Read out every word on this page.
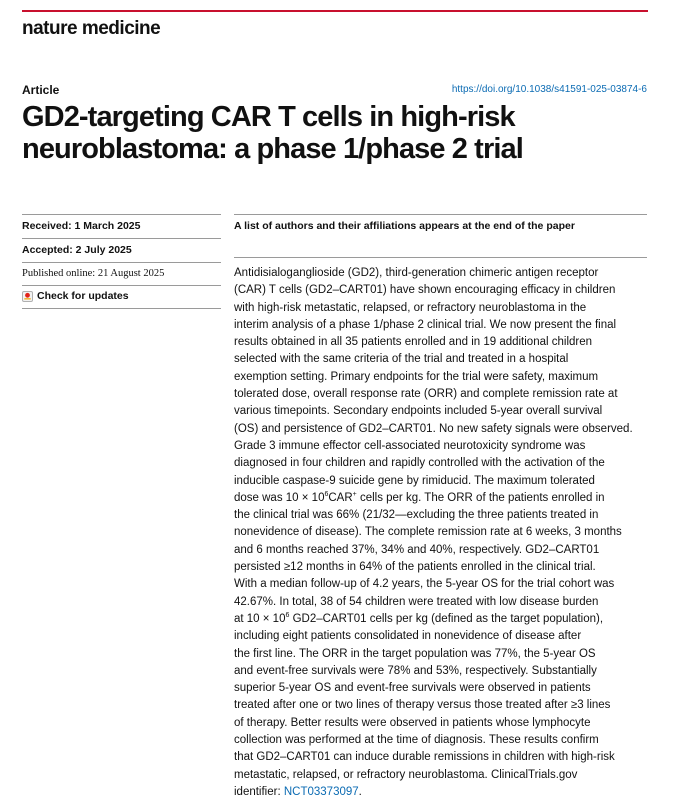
nature medicine
Article	https://doi.org/10.1038/s41591-025-03874-6
GD2-targeting CAR T cells in high-risk
neuroblastoma: a phase 1/phase 2 trial
Received: 1 March 2025
Accepted: 2 July 2025
Published online: 21 August 2025
Check for updates
A list of authors and their affiliations appears at the end of the paper
Antidisialoganglioside (GD2), third-generation chimeric antigen receptor
(CAR) T cells (GD2–CART01) have shown encouraging efficacy in children
with high-risk metastatic, relapsed, or refractory neuroblastoma in the
interim analysis of a phase 1/phase 2 clinical trial. We now present the final
results obtained in all 35 patients enrolled and in 19 additional children
selected with the same criteria of the trial and treated in a hospital
exemption setting. Primary endpoints for the trial were safety, maximum
tolerated dose, overall response rate (ORR) and complete remission rate at
various timepoints. Secondary endpoints included 5-year overall survival
(OS) and persistence of GD2–CART01. No new safety signals were observed.
Grade 3 immune effector cell-associated neurotoxicity syndrome was
diagnosed in four children and rapidly controlled with the activation of the
inducible caspase-9 suicide gene by rimiducid. The maximum tolerated
dose was $10 \times 10^6CAR^+$ cells per kg. The ORR of the patients enrolled in
the clinical trial was 66% (21/32—excluding the three patients treated in
nonevidence of disease). The complete remission rate at 6 weeks, 3 months
and 6 months reached 37%, 34% and 40%, respectively. GD2–CART01
persisted ≥12 months in 64% of the patients enrolled in the clinical trial.
With a median follow-up of 4.2 years, the 5-year OS for the trial cohort was
42.67%. In total, 38 of 54 children were treated with low disease burden
at $10 \times 10^6$ GD2–CART01 cells per kg (defined as the target population),
including eight patients consolidated in nonevidence of disease after
the first line. The ORR in the target population was 77%, the 5-year OS
and event-free survivals were 78% and 53%, respectively. Substantially
superior 5-year OS and event-free survivals were observed in patients
treated after one or two lines of therapy versus those treated after ≥3 lines
of therapy. Better results were observed in patients whose lymphocyte
collection was performed at the time of diagnosis. These results confirm
that GD2–CART01 can induce durable remissions in children with high-risk
metastatic, relapsed, or refractory neuroblastoma. ClinicalTrials.gov
identifier: NCT03373097.
